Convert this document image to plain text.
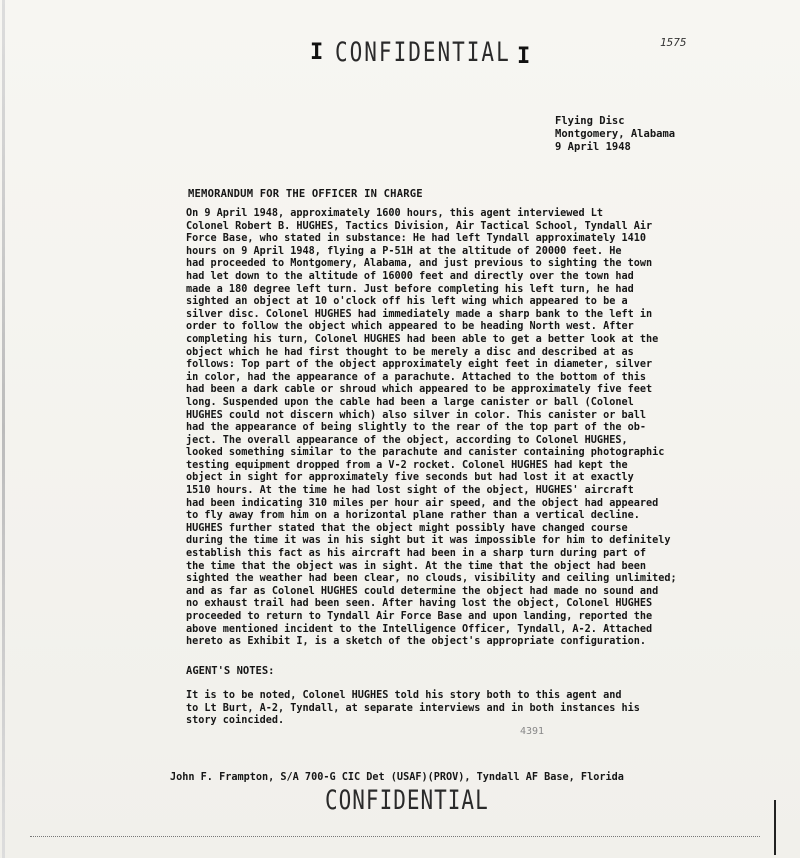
I CONFIDENTIAL I
1575
Flying Disc
Montgomery, Alabama
9 April 1948
MEMORANDUM FOR THE OFFICER IN CHARGE
On 9 April 1948, approximately 1600 hours, this agent interviewed Lt
Colonel Robert B. HUGHES, Tactics Division, Air Tactical School, Tyndall Air
Force Base, who stated in substance: He had left Tyndall approximately 1410
hours on 9 April 1948, flying a P-51H at the altitude of 20000 feet. He
had proceeded to Montgomery, Alabama, and just previous to sighting the town
had let down to the altitude of 16000 feet and directly over the town had
made a 180 degree left turn. Just before completing his left turn, he had
sighted an object at 10 o'clock off his left wing which appeared to be a
silver disc. Colonel HUGHES had immediately made a sharp bank to the left in
order to follow the object which appeared to be heading North west. After
completing his turn, Colonel HUGHES had been able to get a better look at the
object which he had first thought to be merely a disc and described at as
follows: Top part of the object approximately eight feet in diameter, silver
in color, had the appearance of a parachute. Attached to the bottom of this
had been a dark cable or shroud which appeared to be approximately five feet
long. Suspended upon the cable had been a large canister or ball (Colonel
HUGHES could not discern which) also silver in color. This canister or ball
had the appearance of being slightly to the rear of the top part of the ob-
ject. The overall appearance of the object, according to Colonel HUGHES,
looked something similar to the parachute and canister containing photographic
testing equipment dropped from a V-2 rocket. Colonel HUGHES had kept the
object in sight for approximately five seconds but had lost it at exactly
1510 hours. At the time he had lost sight of the object, HUGHES' aircraft
had been indicating 310 miles per hour air speed, and the object had appeared
to fly away from him on a horizontal plane rather than a vertical decline.
HUGHES further stated that the object might possibly have changed course
during the time it was in his sight but it was impossible for him to definitely
establish this fact as his aircraft had been in a sharp turn during part of
the time that the object was in sight. At the time that the object had been
sighted the weather had been clear, no clouds, visibility and ceiling unlimited;
and as far as Colonel HUGHES could determine the object had made no sound and
no exhaust trail had been seen. After having lost the object, Colonel HUGHES
proceeded to return to Tyndall Air Force Base and upon landing, reported the
above mentioned incident to the Intelligence Officer, Tyndall, A-2. Attached
hereto as Exhibit I, is a sketch of the object's appropriate configuration.
AGENT'S NOTES:
It is to be noted, Colonel HUGHES told his story both to this agent and
to Lt Burt, A-2, Tyndall, at separate interviews and in both instances his
story coincided.
4391
John F. Frampton, S/A 700-G CIC Det (USAF)(PROV), Tyndall AF Base, Florida
CONFIDENTIAL
